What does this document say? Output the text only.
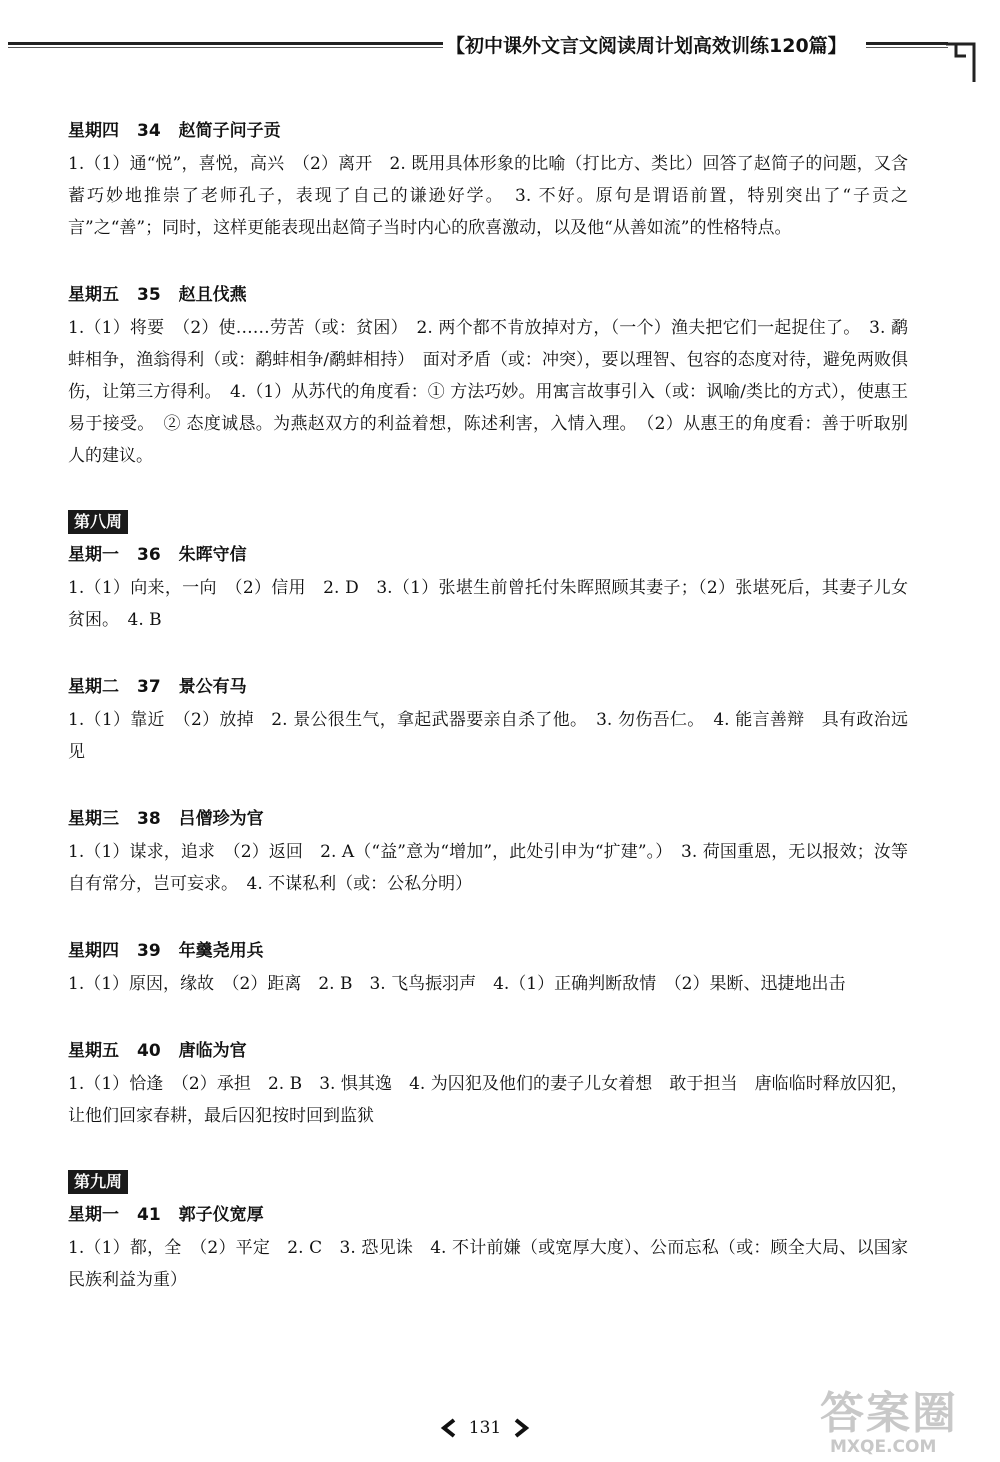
【初中课外文言文阅读周计划高效训练120篇】
星期四 34 赵简子问子贡

1.（1）通“悦”，喜悦，高兴　（2）离开　2. 既用具体形象的比喻（打比方、类比）回答了赵简子的问题，又含蓄巧妙地推崇了老师孔子，表现了自己的谦逊好学。　3. 不好。原句是谓语前置，特别突出了“子贡之言”之“善”；同时，这样更能表现出赵简子当时内心的欣喜激动，以及他“从善如流”的性格特点。

星期五 35 赵且伐燕

1.（1）将要　（2）使……劳苦（或：贫困）　2. 两个都不肯放掉对方，（一个）渔夫把它们一起捉住了。　3. 鹬蚌相争，渔翁得利（或：鹬蚌相争/鹬蚌相持）　面对矛盾（或：冲突），要以理智、包容的态度对待，避免两败俱伤，让第三方得利。　4.（1）从苏代的角度看：① 方法巧妙。用寓言故事引入（或：讽喻/类比的方式），使惠王易于接受。　② 态度诚恳。为燕赵双方的利益着想，陈述利害，入情入理。　（2）从惠王的角度看：善于听取别人的建议。

第八周
星期一 36 朱晖守信

1.（1）向来，一向　（2）信用　2. D　3.（1）张堪生前曾托付朱晖照顾其妻子；（2）张堪死后，其妻子儿女贫困。　4. B

星期二 37 景公有马

1.（1）靠近　（2）放掉　2. 景公很生气，拿起武器要亲自杀了他。　3. 勿伤吾仁。　4. 能言善辩　具有政治远见

星期三 38 吕僧珍为官

1.（1）谋求，追求　（2）返回　2. A（“益”意为“增加”，此处引申为“扩建”。）　3. 荷国重恩，无以报效；汝等自有常分，岂可妄求。　4. 不谋私利（或：公私分明）

星期四 39 年羹尧用兵

1.（1）原因，缘故　（2）距离　2. B　3. 飞鸟振羽声　4.（1）正确判断敌情　（2）果断、迅捷地出击

星期五 40 唐临为官

1.（1）恰逢　（2）承担　2. B　3. 惧其逸　4. 为囚犯及他们的妻子儿女着想　敢于担当　唐临临时释放囚犯，让他们回家春耕，最后囚犯按时回到监狱

第九周
星期一 41 郭子仪宽厚

1.（1）都，全　（2）平定　2. C　3. 恐见诛　4. 不计前嫌（或宽厚大度）、公而忘私（或：顾全大局、以国家民族利益为重）

131	答案圈
MXQE.COM
